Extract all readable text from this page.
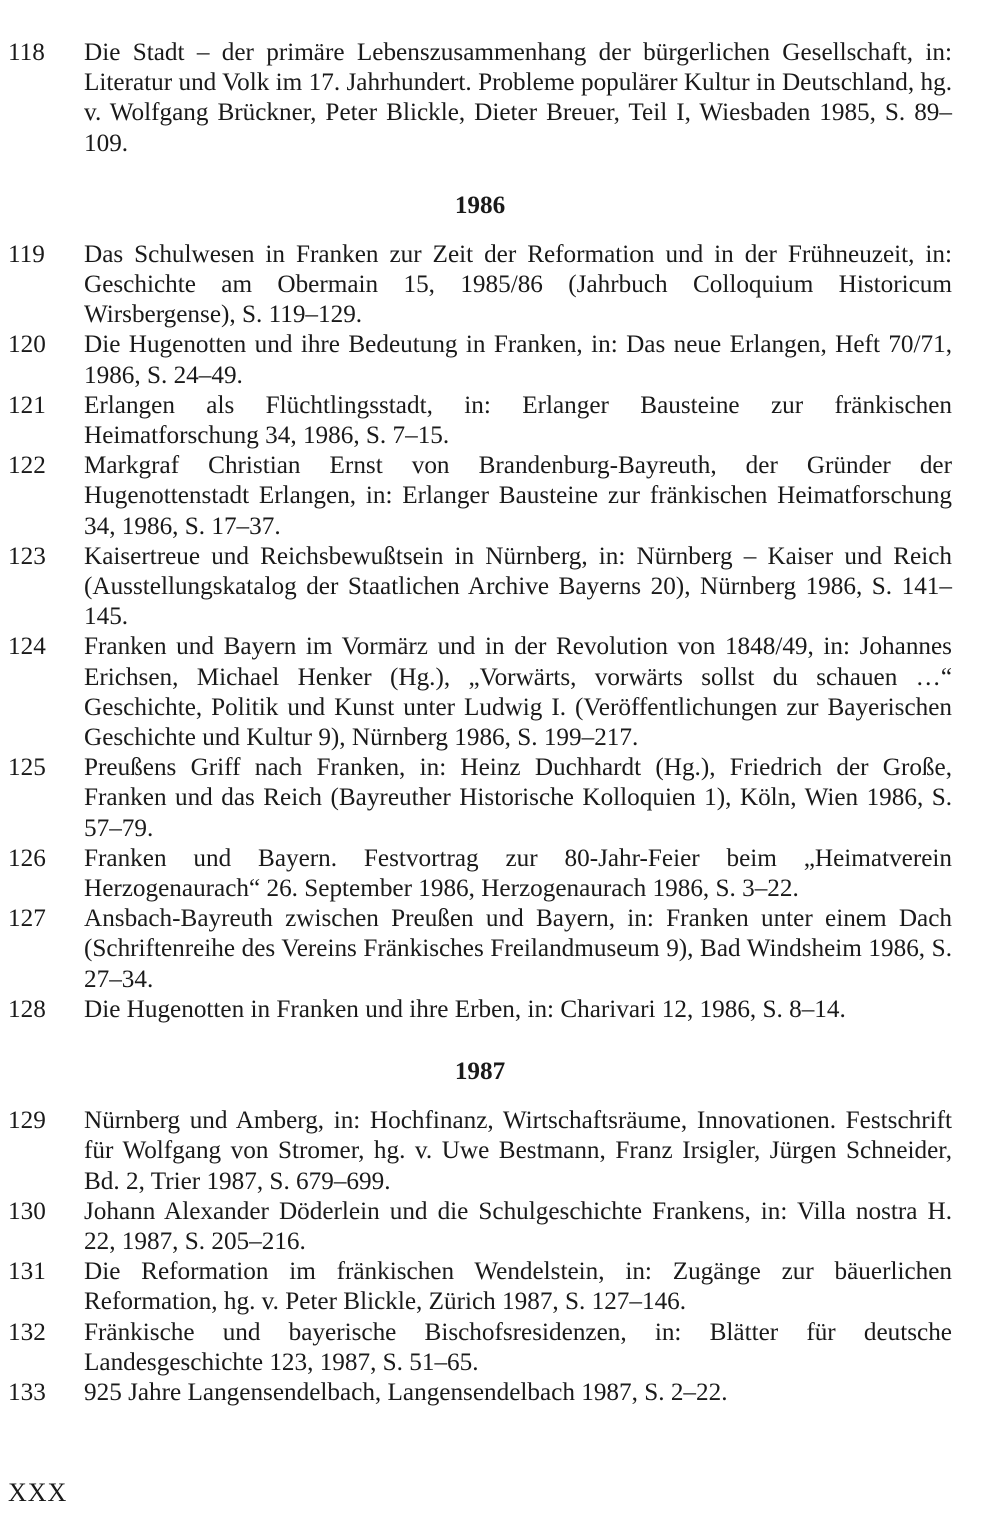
118	Die Stadt – der primäre Lebenszusammenhang der bürgerlichen Gesellschaft, in: Literatur und Volk im 17. Jahrhundert. Probleme populärer Kultur in Deutschland, hg. v. Wolfgang Brückner, Peter Blickle, Dieter Breuer, Teil I, Wiesbaden 1985, S. 89–109.
1986
119	Das Schulwesen in Franken zur Zeit der Reformation und in der Frühneuzeit, in: Geschichte am Obermain 15, 1985/86 (Jahrbuch Colloquium Historicum Wirsbergense), S. 119–129.
120	Die Hugenotten und ihre Bedeutung in Franken, in: Das neue Erlangen, Heft 70/71, 1986, S. 24–49.
121	Erlangen als Flüchtlingsstadt, in: Erlanger Bausteine zur fränkischen Heimatforschung 34, 1986, S. 7–15.
122	Markgraf Christian Ernst von Brandenburg-Bayreuth, der Gründer der Hugenottenstadt Erlangen, in: Erlanger Bausteine zur fränkischen Heimatforschung 34, 1986, S. 17–37.
123	Kaisertreue und Reichsbewußtsein in Nürnberg, in: Nürnberg – Kaiser und Reich (Ausstellungskatalog der Staatlichen Archive Bayerns 20), Nürnberg 1986, S. 141–145.
124	Franken und Bayern im Vormärz und in der Revolution von 1848/49, in: Johannes Erichsen, Michael Henker (Hg.), „Vorwärts, vorwärts sollst du schauen …“ Geschichte, Politik und Kunst unter Ludwig I. (Veröffentlichungen zur Bayerischen Geschichte und Kultur 9), Nürnberg 1986, S. 199–217.
125	Preußens Griff nach Franken, in: Heinz Duchhardt (Hg.), Friedrich der Große, Franken und das Reich (Bayreuther Historische Kolloquien 1), Köln, Wien 1986, S. 57–79.
126	Franken und Bayern. Festvortrag zur 80-Jahr-Feier beim „Heimatverein Herzogenaurach“ 26. September 1986, Herzogenaurach 1986, S. 3–22.
127	Ansbach-Bayreuth zwischen Preußen und Bayern, in: Franken unter einem Dach (Schriftenreihe des Vereins Fränkisches Freilandmuseum 9), Bad Windsheim 1986, S. 27–34.
128	Die Hugenotten in Franken und ihre Erben, in: Charivari 12, 1986, S. 8–14.
1987
129	Nürnberg und Amberg, in: Hochfinanz, Wirtschaftsräume, Innovationen. Festschrift für Wolfgang von Stromer, hg. v. Uwe Bestmann, Franz Irsigler, Jürgen Schneider, Bd. 2, Trier 1987, S. 679–699.
130	Johann Alexander Döderlein und die Schulgeschichte Frankens, in: Villa nostra H. 22, 1987, S. 205–216.
131	Die Reformation im fränkischen Wendelstein, in: Zugänge zur bäuerlichen Reformation, hg. v. Peter Blickle, Zürich 1987, S. 127–146.
132	Fränkische und bayerische Bischofsresidenzen, in: Blätter für deutsche Landesgeschichte 123, 1987, S. 51–65.
133	925 Jahre Langensendelbach, Langensendelbach 1987, S. 2–22.
XXX
